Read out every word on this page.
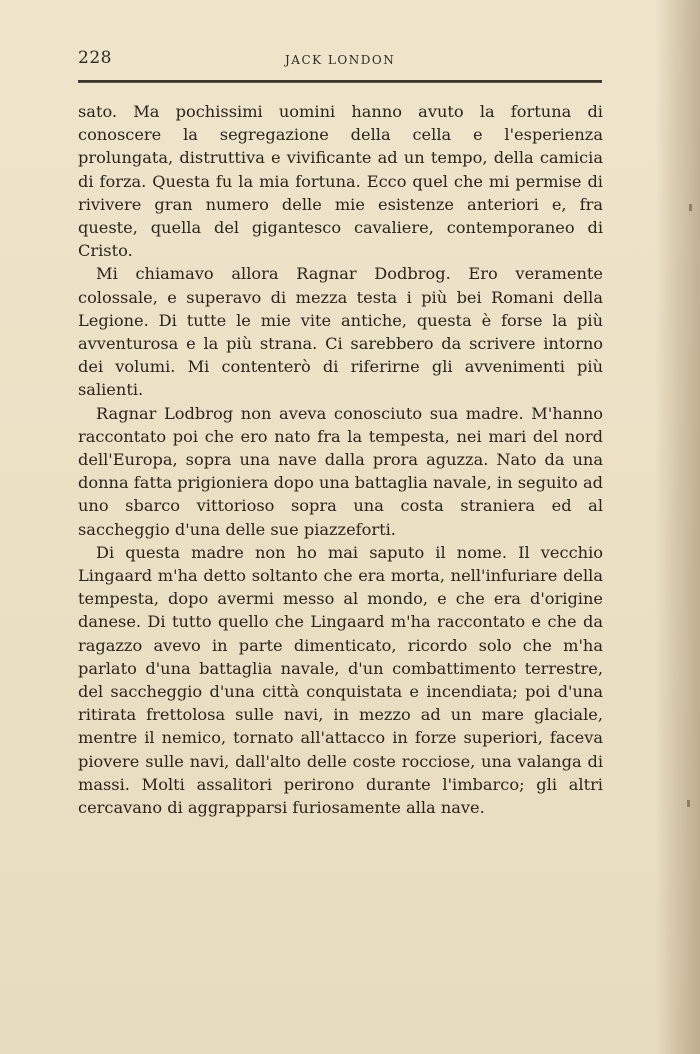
228	JACK LONDON

sato. Ma pochissimi uomini hanno avuto la fortuna di conoscere la segregazione della cella e l'esperienza prolungata, distruttiva e vivificante ad un tempo, della camicia di forza. Questa fu la mia fortuna. Ecco quel che mi permise di rivivere gran numero delle mie esistenze anteriori e, fra queste, quella del gigantesco cavaliere, contemporaneo di Cristo.

Mi chiamavo allora Ragnar Dodbrog. Ero veramente colossale, e superavo di mezza testa i più bei Romani della Legione. Di tutte le mie vite antiche, questa è forse la più avventurosa e la più strana. Ci sarebbero da scrivere intorno dei volumi. Mi contenterò di riferirne gli avvenimenti più salienti.

Ragnar Lodbrog non aveva conosciuto sua madre. M'hanno raccontato poi che ero nato fra la tempesta, nei mari del nord dell'Europa, sopra una nave dalla prora aguzza. Nato da una donna fatta prigioniera dopo una battaglia navale, in seguito ad uno sbarco vittorioso sopra una costa straniera ed al saccheggio d'una delle sue piazzeforti.

Di questa madre non ho mai saputo il nome. Il vecchio Lingaard m'ha detto soltanto che era morta, nell'infuriare della tempesta, dopo avermi messo al mondo, e che era d'origine danese. Di tutto quello che Lingaard m'ha raccontato e che da ragazzo avevo in parte dimenticato, ricordo solo che m'ha parlato d'una battaglia navale, d'un combattimento terrestre, del saccheggio d'una città conquistata e incendiata; poi d'una ritirata frettolosa sulle navi, in mezzo ad un mare glaciale, mentre il nemico, tornato all'attacco in forze superiori, faceva piovere sulle navi, dall'alto delle coste rocciose, una valanga di massi. Molti assalitori perirono durante l'imbarco; gli altri cercavano di aggrapparsi furiosamente alla nave.
